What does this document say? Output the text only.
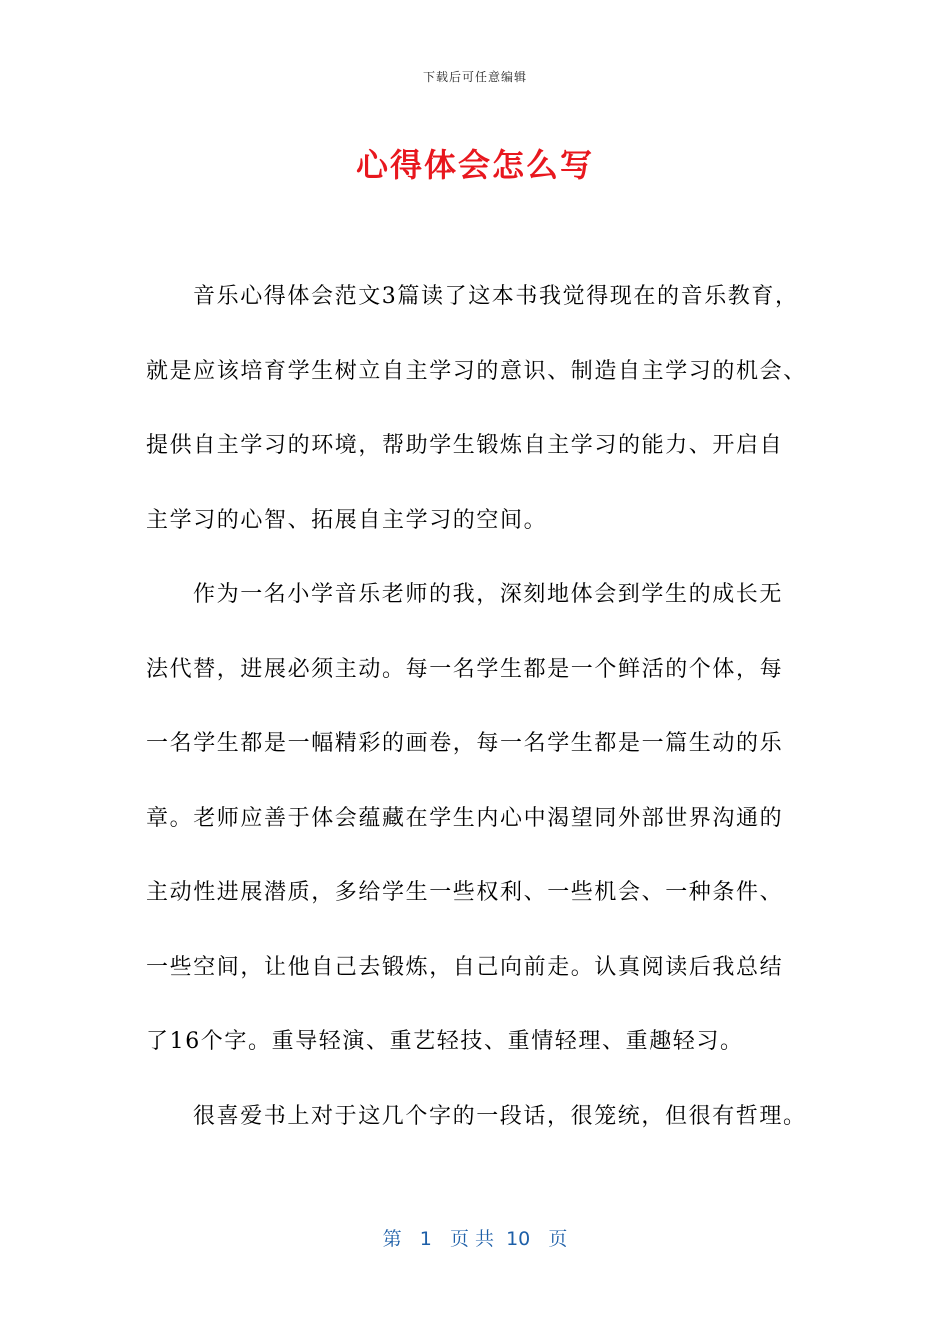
下载后可任意编辑
心得体会怎么写
音乐心得体会范文3篇读了这本书我觉得现在的音乐教育，
就是应该培育学生树立自主学习的意识、制造自主学习的机会、
提供自主学习的环境，帮助学生锻炼自主学习的能力、开启自
主学习的心智、拓展自主学习的空间。
作为一名小学音乐老师的我，深刻地体会到学生的成长无
法代替，进展必须主动。每一名学生都是一个鲜活的个体，每
一名学生都是一幅精彩的画卷，每一名学生都是一篇生动的乐
章。老师应善于体会蕴藏在学生内心中渴望同外部世界沟通的
主动性进展潜质，多给学生一些权利、一些机会、一种条件、
一些空间，让他自己去锻炼，自己向前走。认真阅读后我总结
了16个字。重导轻演、重艺轻技、重情轻理、重趣轻习。
很喜爱书上对于这几个字的一段话，很笼统，但很有哲理。
第 1 页 共 10 页
